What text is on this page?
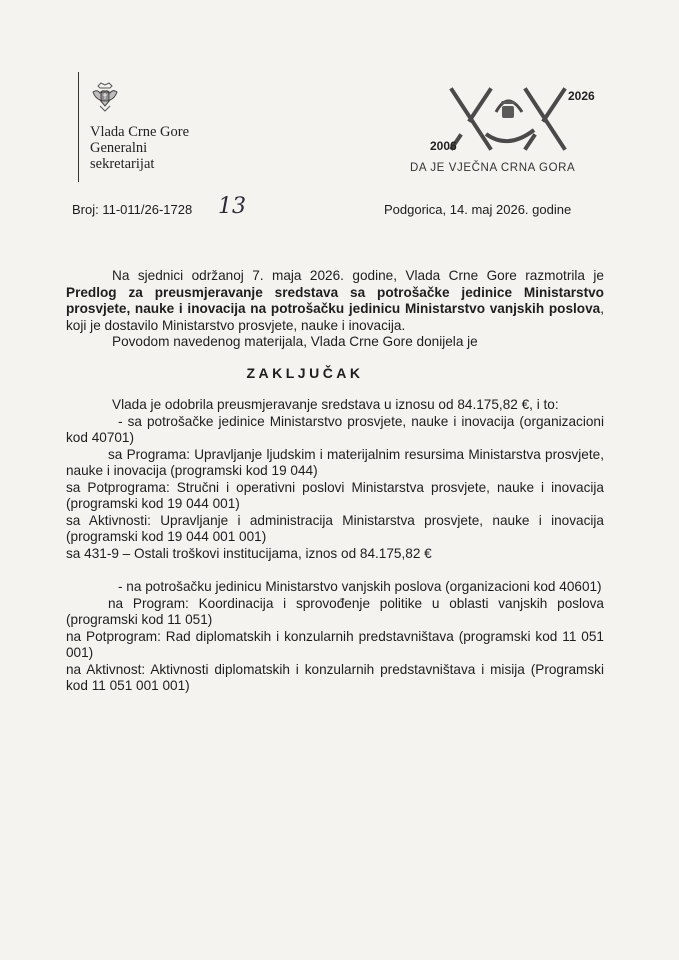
Vlada Crne Gore
Generalni
sekretarijat
2006
2026
DA JE VJEČNA CRNA GORA
Broj: 11-011/26-1728 13	Podgorica, 14. maj 2026. godine

Na sjednici održanoj 7. maja 2026. godine, Vlada Crne Gore razmotrila je Predlog za preusmjeravanje sredstava sa potrošačke jedinice Ministarstvo prosvjete, nauke i inovacija na potrošačku jedinicu Ministarstvo vanjskih poslova, koji je dostavilo Ministarstvo prosvjete, nauke i inovacija.

Povodom navedenog materijala, Vlada Crne Gore donijela je

ZAKLJUČAK

Vlada je odobrila preusmjeravanje sredstava u iznosu od 84.175,82 €, i to:

- sa potrošačke jedinice Ministarstvo prosvjete, nauke i inovacija (organizacioni kod 40701)

sa Programa: Upravljanje ljudskim i materijalnim resursima Ministarstva prosvjete, nauke i inovacija (programski kod 19 044)

sa Potprograma: Stručni i operativni poslovi Ministarstva prosvjete, nauke i inovacija (programski kod 19 044 001)

sa Aktivnosti: Upravljanje i administracija Ministarstva prosvjete, nauke i inovacija (programski kod 19 044 001 001)

sa 431-9 – Ostali troškovi institucijama, iznos od 84.175,82 €

- na potrošačku jedinicu Ministarstvo vanjskih poslova (organizacioni kod 40601)

na Program: Koordinacija i sprovođenje politike u oblasti vanjskih poslova (programski kod 11 051)

na Potprogram: Rad diplomatskih i konzularnih predstavništava (programski kod 11 051 001)

na Aktivnost: Aktivnosti diplomatskih i konzularnih predstavništava i misija (Programski kod 11 051 001 001)
